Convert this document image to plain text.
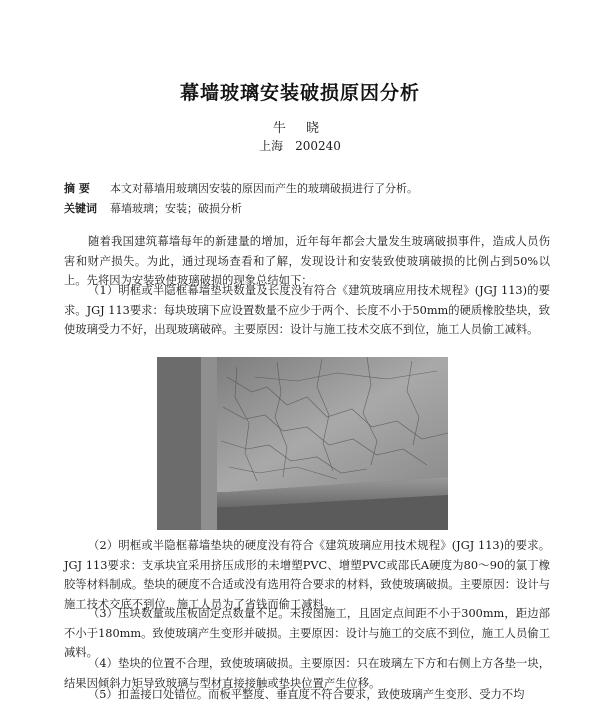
幕墙玻璃安装破损原因分析
牛 晓
上海 200240
摘 要 本文对幕墙用玻璃因安装的原因而产生的玻璃破损进行了分析。
关键词 幕墙玻璃；安装；破损分析

随着我国建筑幕墙每年的新建量的增加，近年每年都会大量发生玻璃破损事件，造成人员伤害和财产损失。为此，通过现场查看和了解，发现设计和安装致使玻璃破损的比例占到50%以上。先将因为安装致使玻璃破损的现象总结如下：

（1）明框或半隐框幕墙垫块数量及长度没有符合《建筑玻璃应用技术规程》(JGJ 113)的要求。JGJ 113要求：每块玻璃下应设置数量不应少于两个、长度不小于50mm的硬质橡胶垫块，致使玻璃受力不好，出现玻璃破碎。主要原因：设计与施工技术交底不到位，施工人员偷工减料。

（2）明框或半隐框幕墙垫块的硬度没有符合《建筑玻璃应用技术规程》(JGJ 113)的要求。JGJ 113要求：支承块宜采用挤压成形的未增塑PVC、增塑PVC或邵氏A硬度为80～90的氯丁橡胶等材料制成。垫块的硬度不合适或没有选用符合要求的材料，致使玻璃破损。主要原因：设计与施工技术交底不到位，施工人员为了省钱而偷工减料。

（3）压块数量或压板固定点数量不足。未按图施工，且固定点间距不小于300mm，距边部不小于180mm。致使玻璃产生变形并破损。主要原因：设计与施工的交底不到位，施工人员偷工减料。

（4）垫块的位置不合理，致使玻璃破损。主要原因：只在玻璃左下方和右侧上方各垫一块，结果因倾斜力矩导致玻璃与型材直接接触或垫块位置产生位移。

（5）扣盖接口处错位。而板平整度、垂直度不符合要求，致使玻璃产生变形、受力不均
